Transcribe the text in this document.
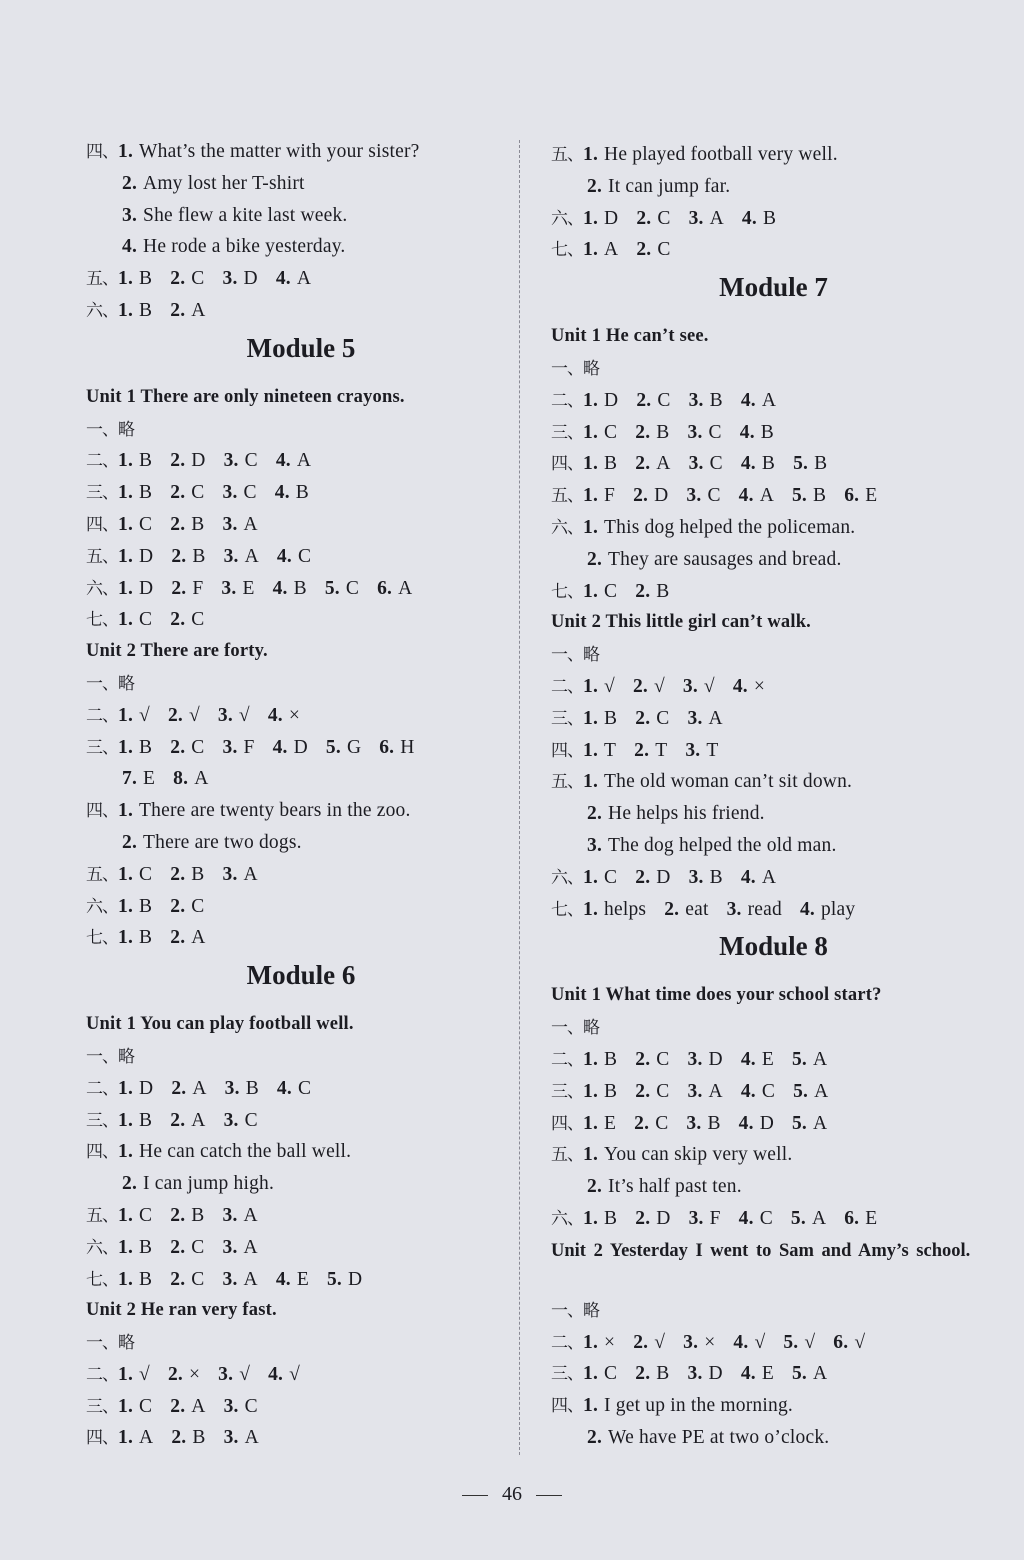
四、1. What’s the matter with your sister?
2. Amy lost her T-shirt
3. She flew a kite last week.
4. He rode a bike yesterday.
五、1. B 2. C 3. D 4. A
六、1. B 2. A
Module 5
Unit 1 There are only nineteen crayons.
一、略
二、1. B 2. D 3. C 4. A
三、1. B 2. C 3. C 4. B
四、1. C 2. B 3. A
五、1. D 2. B 3. A 4. C
六、1. D 2. F 3. E 4. B 5. C 6. A
七、1. C 2. C
Unit 2 There are forty.
一、略
二、1. √ 2. √ 3. √ 4. ×
三、1. B 2. C 3. F 4. D 5. G 6. H
7. E 8. A
四、1. There are twenty bears in the zoo.
2. There are two dogs.
五、1. C 2. B 3. A
六、1. B 2. C
七、1. B 2. A
Module 6
Unit 1 You can play football well.
一、略
二、1. D 2. A 3. B 4. C
三、1. B 2. A 3. C
四、1. He can catch the ball well.
2. I can jump high.
五、1. C 2. B 3. A
六、1. B 2. C 3. A
七、1. B 2. C 3. A 4. E 5. D
Unit 2 He ran very fast.
一、略
二、1. √ 2. × 3. √ 4. √
三、1. C 2. A 3. C
四、1. A 2. B 3. A
五、1. He played football very well.
2. It can jump far.
六、1. D 2. C 3. A 4. B
七、1. A 2. C
Module 7
Unit 1 He can’t see.
一、略
二、1. D 2. C 3. B 4. A
三、1. C 2. B 3. C 4. B
四、1. B 2. A 3. C 4. B 5. B
五、1. F 2. D 3. C 4. A 5. B 6. E
六、1. This dog helped the policeman.
2. They are sausages and bread.
七、1. C 2. B
Unit 2 This little girl can’t walk.
一、略
二、1. √ 2. √ 3. √ 4. ×
三、1. B 2. C 3. A
四、1. T 2. T 3. T
五、1. The old woman can’t sit down.
2. He helps his friend.
3. The dog helped the old man.
六、1. C 2. D 3. B 4. A
七、1. helps 2. eat 3. read 4. play
Module 8
Unit 1 What time does your school start?
一、略
二、1. B 2. C 3. D 4. E 5. A
三、1. B 2. C 3. A 4. C 5. A
四、1. E 2. C 3. B 4. D 5. A
五、1. You can skip very well.
2. It’s half past ten.
六、1. B 2. D 3. F 4. C 5. A 6. E
Unit 2 Yesterday I went to Sam and Amy’s school.
一、略
二、1. × 2. √ 3. × 4. √ 5. √ 6. √
三、1. C 2. B 3. D 4. E 5. A
四、1. I get up in the morning.
2. We have PE at two o’clock.
46
